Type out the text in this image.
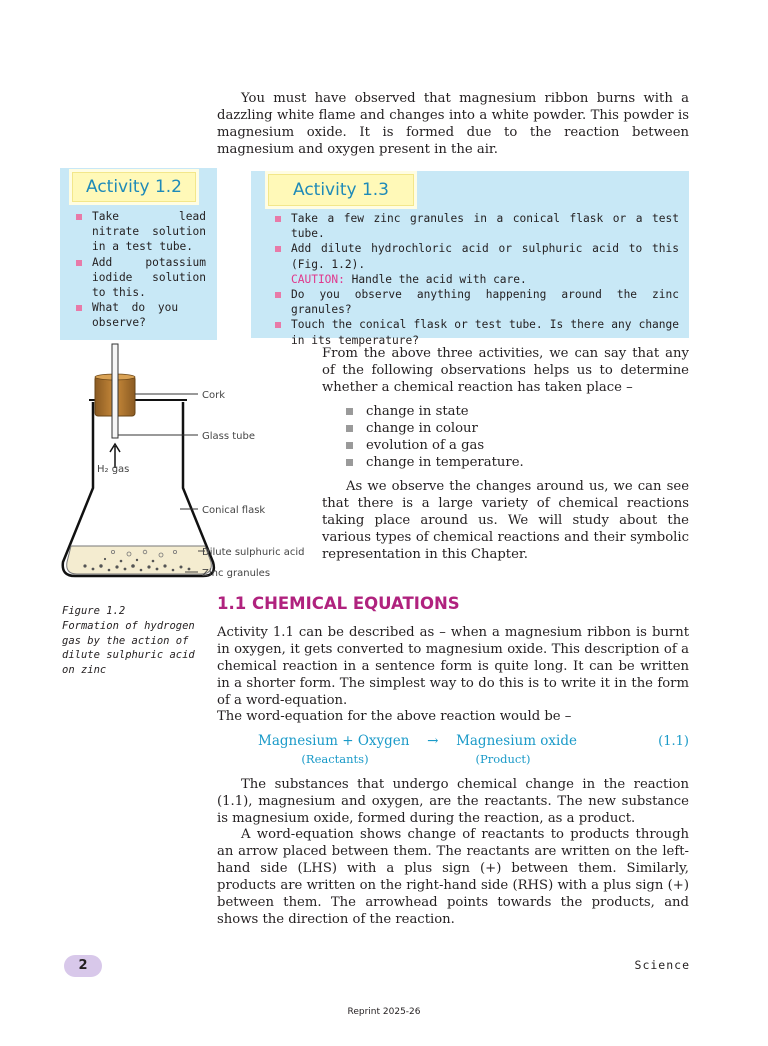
You must have observed that magnesium ribbon burns with a dazzling white flame and changes into a white powder. This powder is magnesium oxide. It is formed due to the reaction between magnesium and oxygen present in the air.

Activity 1.2
Take lead nitrate solution in a test tube.
Add potassium iodide solution to this.
What do you observe?
Activity 1.3
Take a few zinc granules in a conical flask or a test tube.
Add dilute hydrochloric acid or sulphuric acid to this (Fig. 1.2).
CAUTION: Handle the acid with care.
Do you observe anything happening around the zinc granules?
Touch the conical flask or test tube. Is there any change in its temperature?
H₂ gas
Cork
Glass tube
Conical flask
Dilute sulphuric acid
Zinc granules

From the above three activities, we can say that any of the following observations helps us to determine whether a chemical reaction has taken place –

change in state
change in colour
evolution of a gas
change in temperature.

As we observe the changes around us, we can see that there is a large variety of chemical reactions taking place around us. We will study about the various types of chemical reactions and their symbolic representation in this Chapter.

Figure 1.2
Formation of hydrogen gas by the action of dilute sulphuric acid on zinc
1.1 CHEMICAL EQUATIONS

Activity 1.1 can be described as – when a magnesium ribbon is burnt in oxygen, it gets converted to magnesium oxide. This description of a chemical reaction in a sentence form is quite long. It can be written in a shorter form. The simplest way to do this is to write it in the form of a word-equation.

The word-equation for the above reaction would be –

Magnesium + Oxygen → Magnesium oxide	(1.1)
(Reactants)	(Product)

The substances that undergo chemical change in the reaction (1.1), magnesium and oxygen, are the reactants. The new substance is magnesium oxide, formed during the reaction, as a product.

A word-equation shows change of reactants to products through an arrow placed between them. The reactants are written on the left-hand side (LHS) with a plus sign (+) between them. Similarly, products are written on the right-hand side (RHS) with a plus sign (+) between them. The arrowhead points towards the products, and shows the direction of the reaction.

2	Science
Reprint 2025-26
